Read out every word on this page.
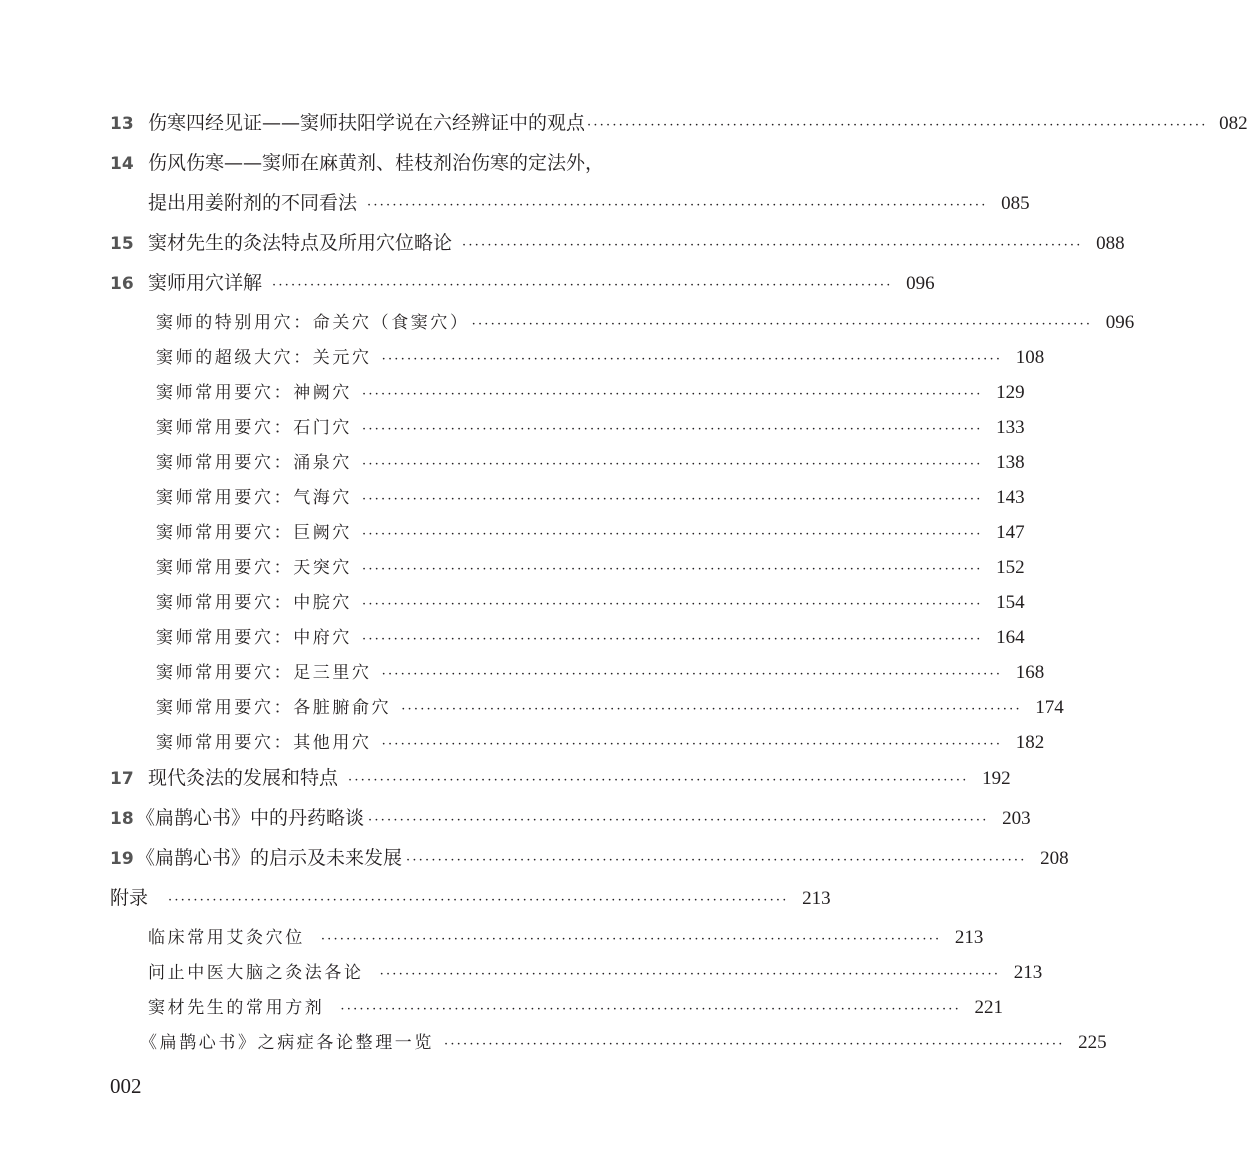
13 伤寒四经见证——窦师扶阳学说在六经辨证中的观点 ·································································································· 082
14 伤风伤寒——窦师在麻黄剂、桂枝剂治伤寒的定法外，
提出用姜附剂的不同看法 ·································································································· 085
15 窦材先生的灸法特点及所用穴位略论 ·································································································· 088
16 窦师用穴详解 ·································································································· 096
窦师的特别用穴：命关穴（食窦穴） ·································································································· 096
窦师的超级大穴：关元穴 ·································································································· 108
窦师常用要穴：神阙穴 ·································································································· 129
窦师常用要穴：石门穴 ·································································································· 133
窦师常用要穴：涌泉穴 ·································································································· 138
窦师常用要穴：气海穴 ·································································································· 143
窦师常用要穴：巨阙穴 ·································································································· 147
窦师常用要穴：天突穴 ·································································································· 152
窦师常用要穴：中脘穴 ·································································································· 154
窦师常用要穴：中府穴 ·································································································· 164
窦师常用要穴：足三里穴 ·································································································· 168
窦师常用要穴：各脏腑俞穴 ·································································································· 174
窦师常用要穴：其他用穴 ·································································································· 182
17 现代灸法的发展和特点 ·································································································· 192
18 《扁鹊心书》中的丹药略谈 ·································································································· 203
19 《扁鹊心书》的启示及未来发展 ·································································································· 208
附录 ·································································································· 213
临床常用艾灸穴位 ·································································································· 213
问止中医大脑之灸法各论 ·································································································· 213
窦材先生的常用方剂 ·································································································· 221
《扁鹊心书》之病症各论整理一览 ·································································································· 225
002
